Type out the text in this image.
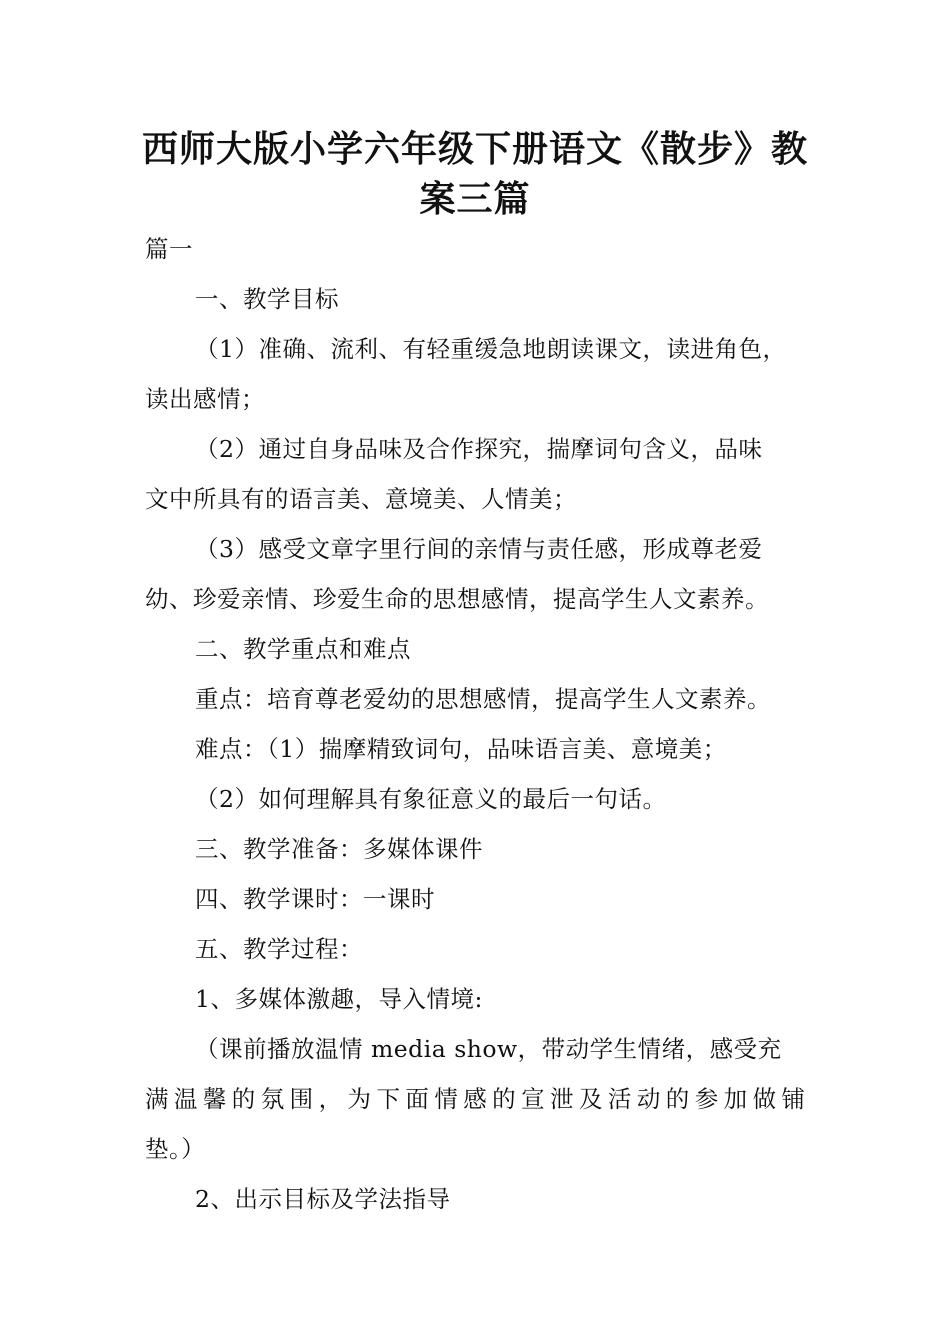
西师大版小学六年级下册语文《散步》教
案三篇
篇一
一、教学目标
（1）准确、流利、有轻重缓急地朗读课文，读进角色，
读出感情；
（2）通过自身品味及合作探究，揣摩词句含义，品味
文中所具有的语言美、意境美、人情美；
（3）感受文章字里行间的亲情与责任感，形成尊老爱
幼、珍爱亲情、珍爱生命的思想感情，提高学生人文素养。
二、教学重点和难点
重点：培育尊老爱幼的思想感情，提高学生人文素养。
难点：（1）揣摩精致词句，品味语言美、意境美；
（2）如何理解具有象征意义的最后一句话。
三、教学准备：多媒体课件
四、教学课时：一课时
五、教学过程：
1、多媒体激趣，导入情境:
（课前播放温情 media show，带动学生情绪，感受充
满温馨的氛围，为下面情感的宣泄及活动的参加做铺
垫。）
2、出示目标及学法指导
